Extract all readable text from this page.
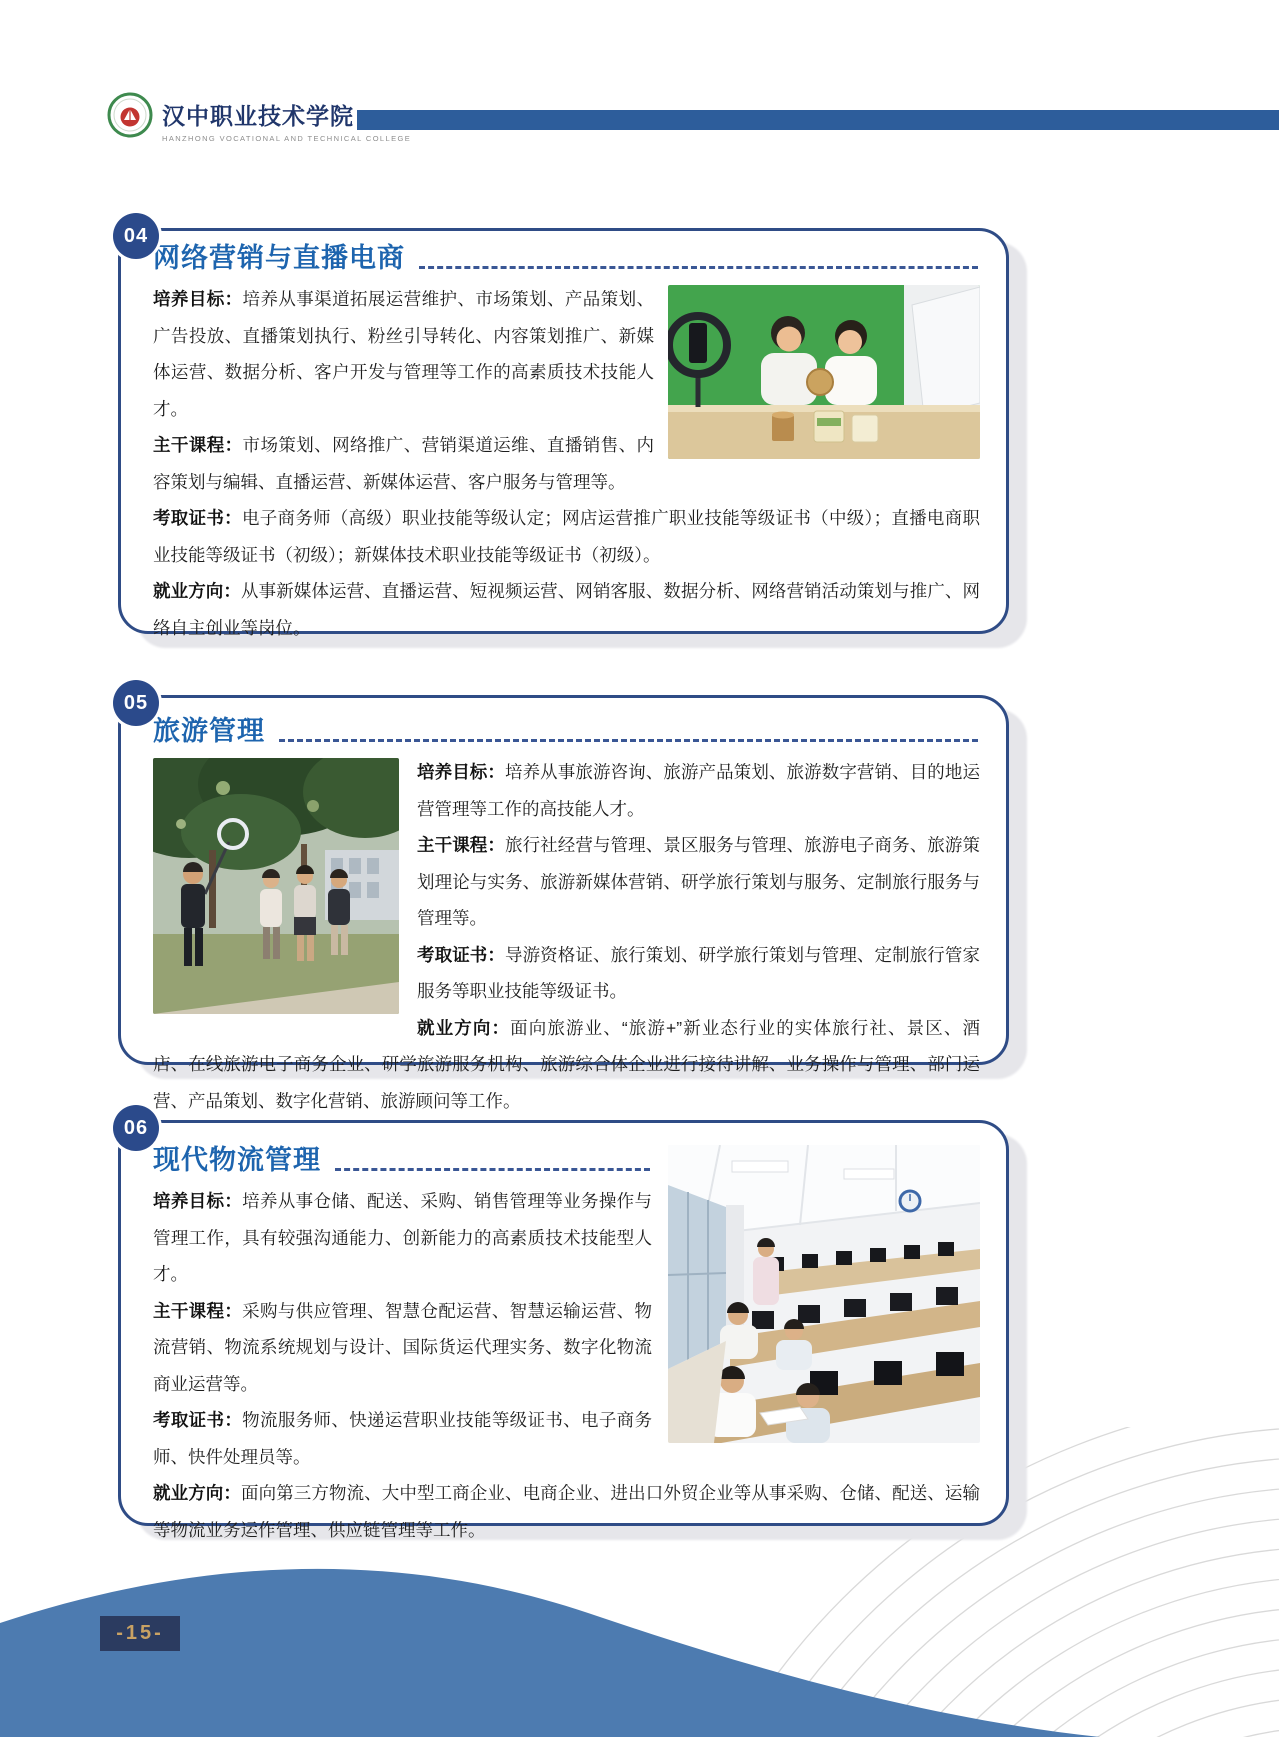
汉中职业技术学院
HANZHONG VOCATIONAL AND TECHNICAL COLLEGE
04
网络营销与直播电商

培养目标：培养从事渠道拓展运营维护、市场策划、产品策划、广告投放、直播策划执行、粉丝引导转化、内容策划推广、新媒体运营、数据分析、客户开发与管理等工作的高素质技术技能人才。

主干课程：市场策划、网络推广、营销渠道运维、直播销售、内容策划与编辑、直播运营、新媒体运营、客户服务与管理等。

考取证书：电子商务师（高级）职业技能等级认定；网店运营推广职业技能等级证书（中级）；直播电商职业技能等级证书（初级）；新媒体技术职业技能等级证书（初级）。

就业方向：从事新媒体运营、直播运营、短视频运营、网销客服、数据分析、网络营销活动策划与推广、网络自主创业等岗位。

05
旅游管理

培养目标：培养从事旅游咨询、旅游产品策划、旅游数字营销、目的地运营管理等工作的高技能人才。

主干课程：旅行社经营与管理、景区服务与管理、旅游电子商务、旅游策划理论与实务、旅游新媒体营销、研学旅行策划与服务、定制旅行服务与管理等。

考取证书：导游资格证、旅行策划、研学旅行策划与管理、定制旅行管家服务等职业技能等级证书。

就业方向：面向旅游业、“旅游+”新业态行业的实体旅行社、景区、酒店、在线旅游电子商务企业、研学旅游服务机构、旅游综合体企业进行接待讲解、业务操作与管理、部门运营、产品策划、数字化营销、旅游顾问等工作。

06
现代物流管理

培养目标：培养从事仓储、配送、采购、销售管理等业务操作与管理工作，具有较强沟通能力、创新能力的高素质技术技能型人才。

主干课程：采购与供应管理、智慧仓配运营、智慧运输运营、物流营销、物流系统规划与设计、国际货运代理实务、数字化物流商业运营等。

考取证书：物流服务师、快递运营职业技能等级证书、电子商务师、快件处理员等。

就业方向：面向第三方物流、大中型工商企业、电商企业、进出口外贸企业等从事采购、仓储、配送、运输等物流业务运作管理、供应链管理等工作。

-15-
